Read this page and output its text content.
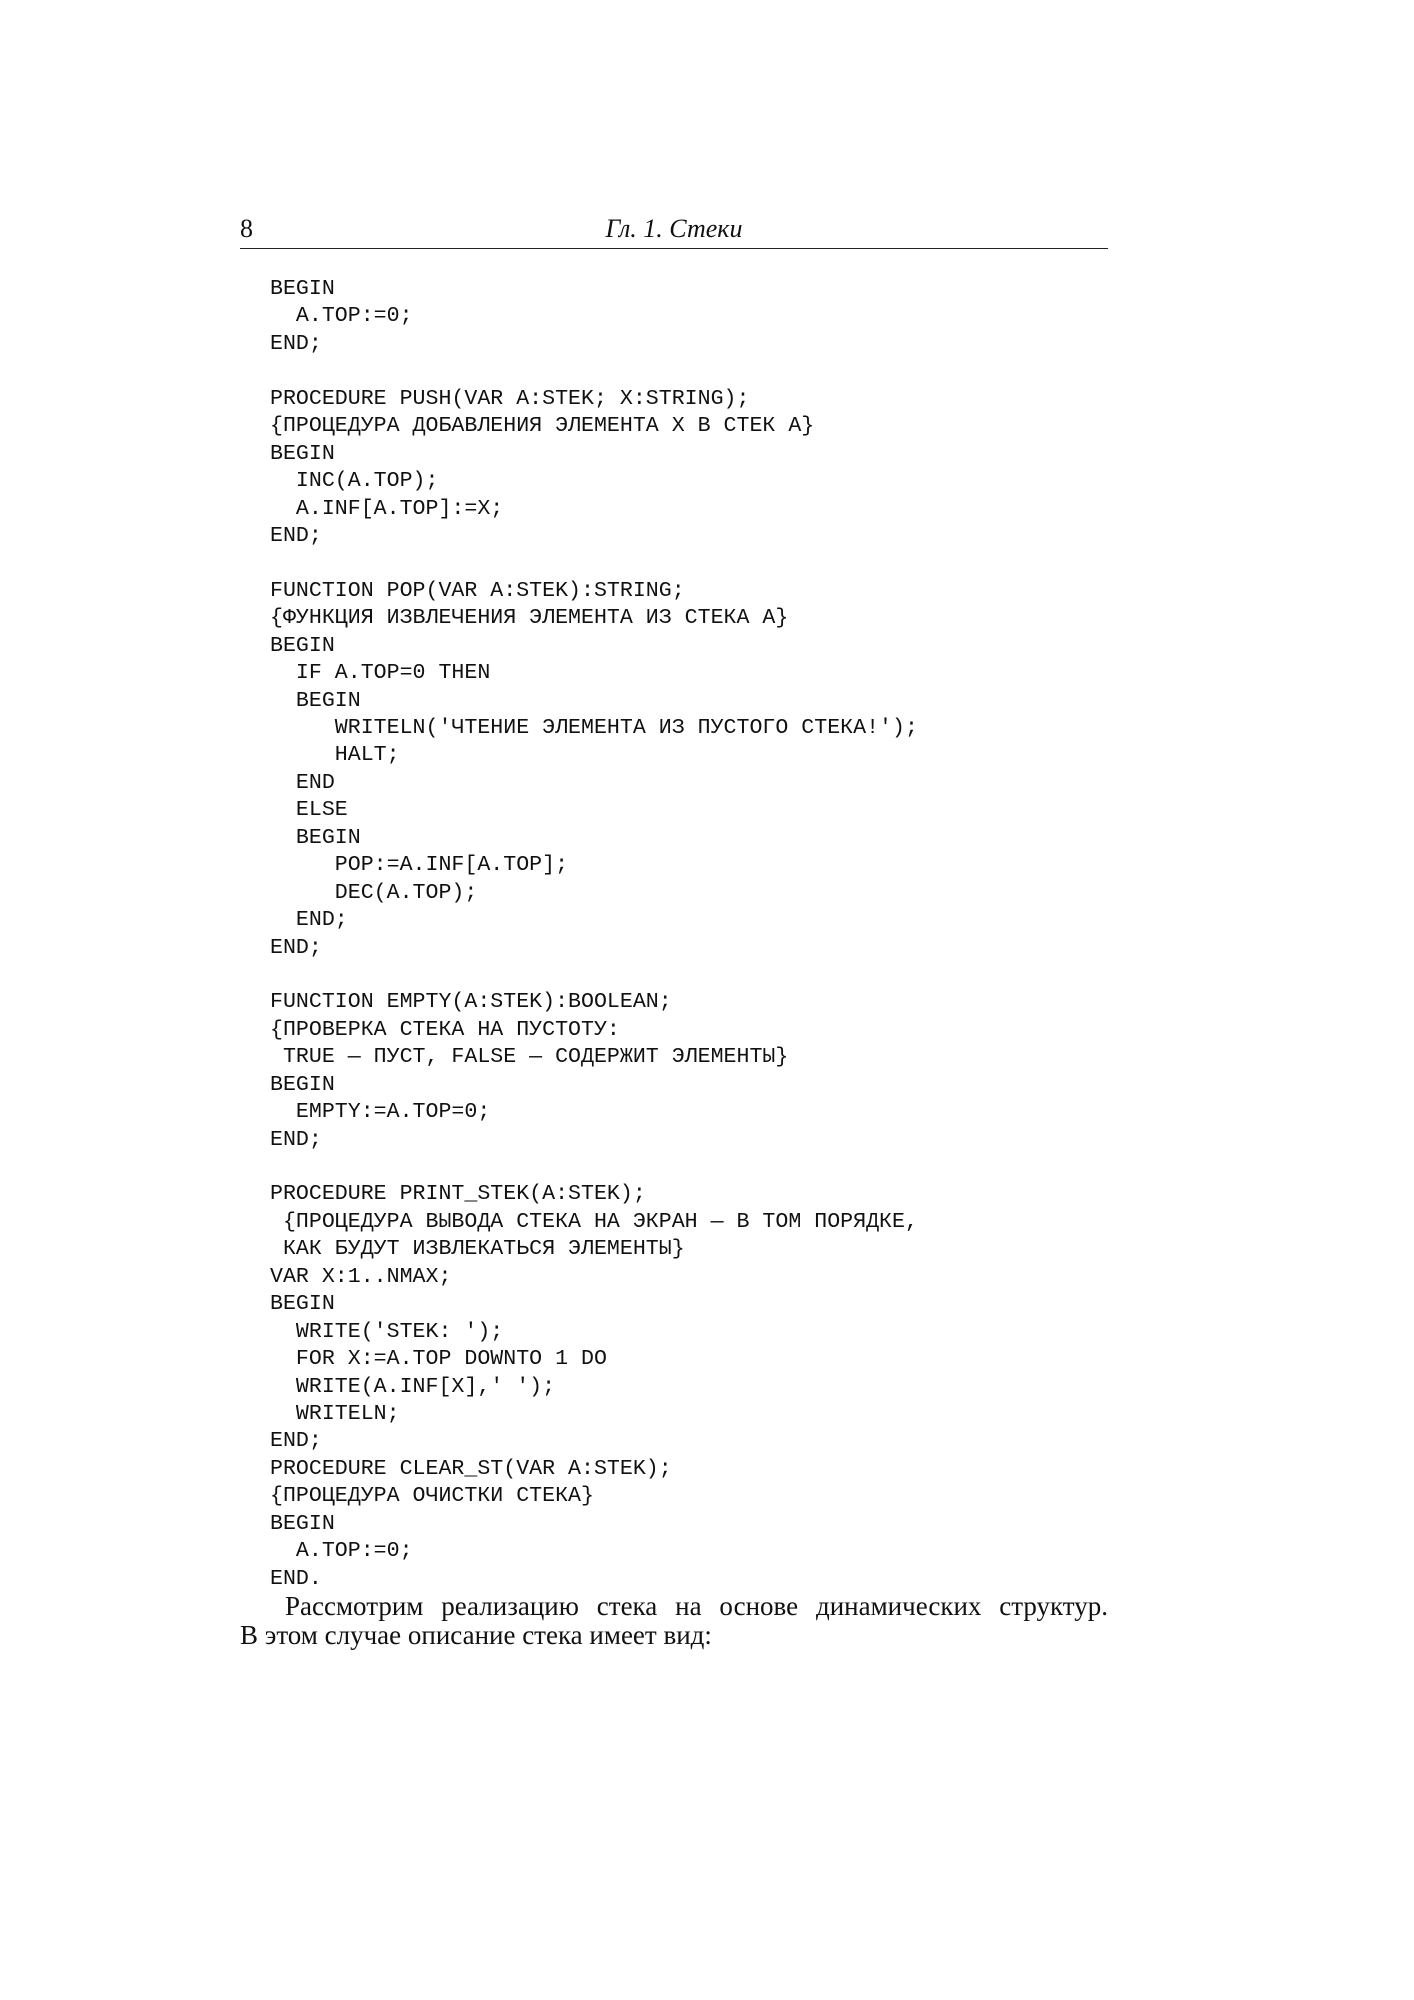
8	Гл. 1. Стеки
BEGIN
A.TOP:=0;
END;
PROCEDURE PUSH(VAR A:STEK; X:STRING);
{ПРОЦЕДУРА ДОБАВЛЕНИЯ ЭЛЕМЕНТА X В СТЕК A}
BEGIN
INC(A.TOP);
A.INF[A.TOP]:=X;
END;
FUNCTION POP(VAR A:STEK):STRING;
{ФУНКЦИЯ ИЗВЛЕЧЕНИЯ ЭЛЕМЕНТА ИЗ СТЕКА A}
BEGIN
IF A.TOP=0 THEN
BEGIN
WRITELN('ЧТЕНИЕ ЭЛЕМЕНТА ИЗ ПУСТОГО СТЕКА!');
HALT;
END
ELSE
BEGIN
POP:=A.INF[A.TOP];
DEC(A.TOP);
END;
END;
FUNCTION EMPTY(A:STEK):BOOLEAN;
{ПРОВЕРКА СТЕКА НА ПУСТОТУ:
TRUE — ПУСТ, FALSE — СОДЕРЖИТ ЭЛЕМЕНТЫ}
BEGIN
EMPTY:=A.TOP=0;
END;
PROCEDURE PRINT_STEK(A:STEK);
{ПРОЦЕДУРА ВЫВОДА СТЕКА НА ЭКРАН — В ТОМ ПОРЯДКЕ,
КАК БУДУТ ИЗВЛЕКАТЬСЯ ЭЛЕМЕНТЫ}
VAR X:1..NMAX;
BEGIN
WRITE('STEK: ');
FOR X:=A.TOP DOWNTO 1 DO
WRITE(A.INF[X],' ');
WRITELN;
END;
PROCEDURE CLEAR_ST(VAR A:STEK);
{ПРОЦЕДУРА ОЧИСТКИ СТЕКА}
BEGIN
A.TOP:=0;
END.

Рассмотрим реализацию стека на основе динамических структур.
В этом случае описание стека имеет вид:
